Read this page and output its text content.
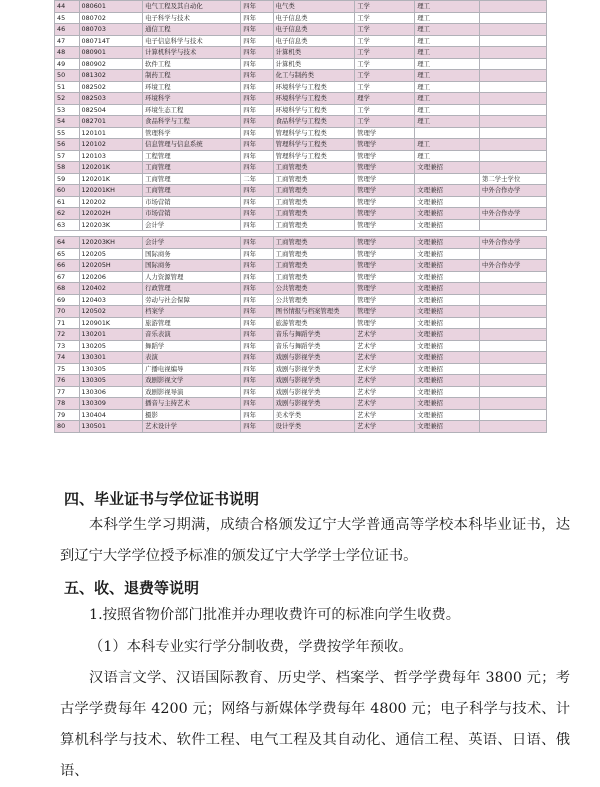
44	080601	电气工程及其自动化	四年	电气类	工学	理工	
45	080702	电子科学与技术	四年	电子信息类	工学	理工	
46	080703	通信工程	四年	电子信息类	工学	理工	
47	080714T	电子信息科学与技术	四年	电子信息类	工学	理工	
48	080901	计算机科学与技术	四年	计算机类	工学	理工	
49	080902	软件工程	四年	计算机类	工学	理工	
50	081302	制药工程	四年	化工与制药类	工学	理工	
51	082502	环境工程	四年	环境科学与工程类	工学	理工	
52	082503	环境科学	四年	环境科学与工程类	理学	理工	
53	082504	环境生态工程	四年	环境科学与工程类	工学	理工	
54	082701	食品科学与工程	四年	食品科学与工程类	工学	理工	
55	120101	管理科学	四年	管理科学与工程类	管理学		
56	120102	信息管理与信息系统	四年	管理科学与工程类	管理学	理工	
57	120103	工程管理	四年	管理科学与工程类	管理学	理工	
58	120201K	工商管理	四年	工商管理类	管理学	文理兼招	
59	120201K	工商管理	二年	工商管理类	管理学		第二学士学位
60	120201KH	工商管理	四年	工商管理类	管理学	文理兼招	中外合作办学
61	120202	市场营销	四年	工商管理类	管理学	文理兼招	
62	120202H	市场营销	四年	工商管理类	管理学	文理兼招	中外合作办学
63	120203K	会计学	四年	工商管理类	管理学	文理兼招	

64	120203KH	会计学	四年	工商管理类	管理学	文理兼招	中外合作办学
65	120205	国际商务	四年	工商管理类	管理学	文理兼招	
66	120205H	国际商务	四年	工商管理类	管理学	文理兼招	中外合作办学
67	120206	人力资源管理	四年	工商管理类	管理学	文理兼招	
68	120402	行政管理	四年	公共管理类	管理学	文理兼招	
69	120403	劳动与社会保障	四年	公共管理类	管理学	文理兼招	
70	120502	档案学	四年	图书情报与档案管理类	管理学	文理兼招	
71	120901K	旅游管理	四年	旅游管理类	管理学	文理兼招	
72	130201	音乐表演	四年	音乐与舞蹈学类	艺术学	文理兼招	
73	130205	舞蹈学	四年	音乐与舞蹈学类	艺术学	文理兼招	
74	130301	表演	四年	戏剧与影视学类	艺术学	文理兼招	
75	130305	广播电视编导	四年	戏剧与影视学类	艺术学	文理兼招	
76	130305	戏剧影视文学	四年	戏剧与影视学类	艺术学	文理兼招	
77	130306	戏剧影视导演	四年	戏剧与影视学类	艺术学	文理兼招	
78	130309	播音与主持艺术	四年	戏剧与影视学类	艺术学	文理兼招	
79	130404	摄影	四年	美术学类	艺术学	文理兼招	
80	130501	艺术设计学	四年	设计学类	艺术学	文理兼招	
四、毕业证书与学位证书说明

本科学生学习期满，成绩合格颁发辽宁大学普通高等学校本科毕业证书，达到辽宁大学学位授予标准的颁发辽宁大学学士学位证书。

五、收、退费等说明

1.按照省物价部门批准并办理收费许可的标准向学生收费。

（1）本科专业实行学分制收费，学费按学年预收。

汉语言文学、汉语国际教育、历史学、档案学、哲学学费每年 3800 元；考古学学费每年 4200 元；网络与新媒体学费每年 4800 元；电子科学与技术、计算机科学与技术、软件工程、电气工程及其自动化、通信工程、英语、日语、俄语、
